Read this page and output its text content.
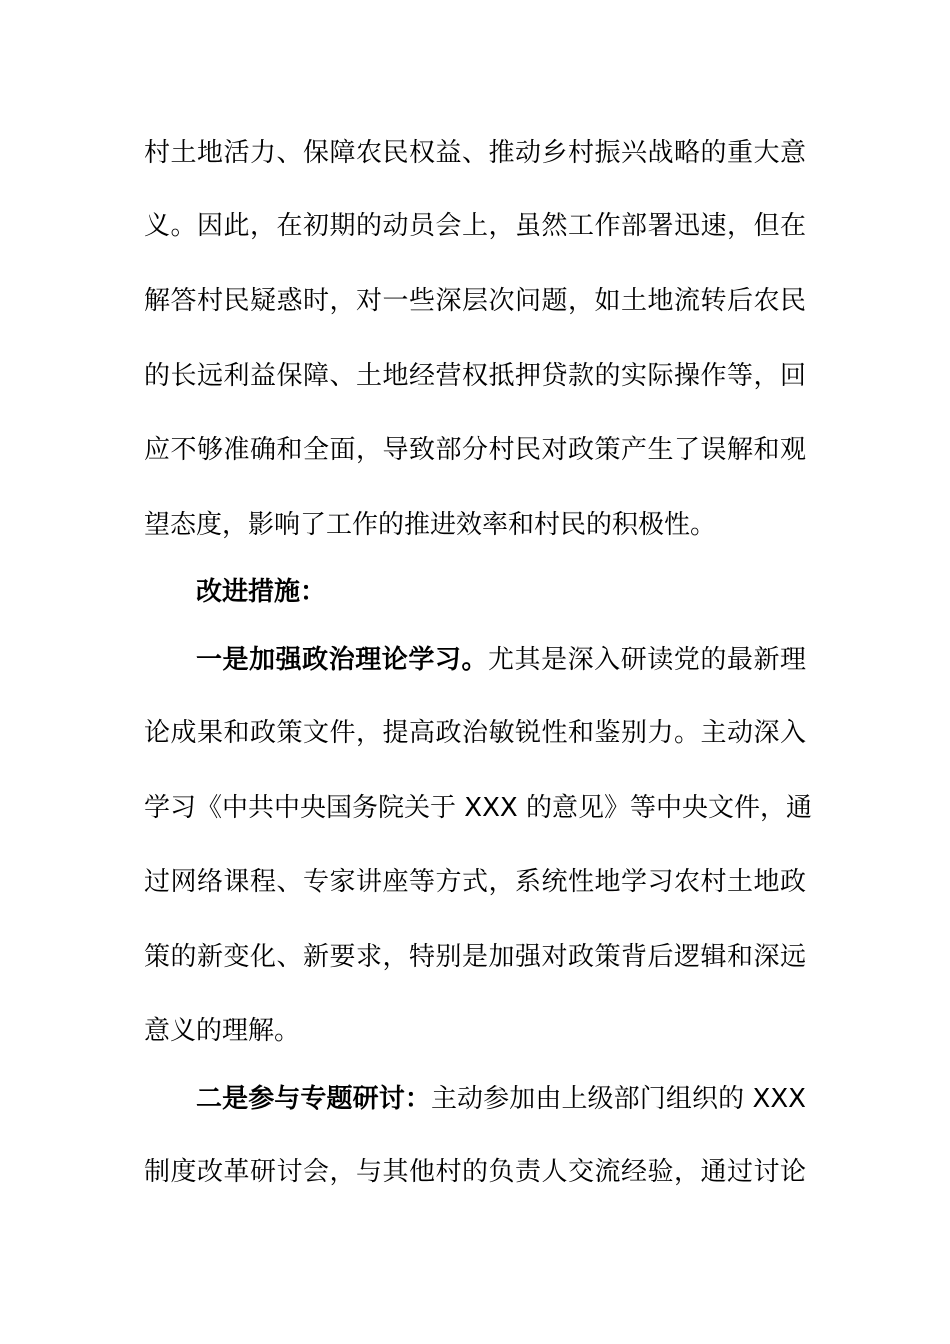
村土地活力、保障农民权益、推动乡村振兴战略的重大意
义。因此，在初期的动员会上，虽然工作部署迅速，但在
解答村民疑惑时，对一些深层次问题，如土地流转后农民
的长远利益保障、土地经营权抵押贷款的实际操作等，回
应不够准确和全面，导致部分村民对政策产生了误解和观
望态度，影响了工作的推进效率和村民的积极性。
改进措施：
一是加强政治理论学习。尤其是深入研读党的最新理
论成果和政策文件，提高政治敏锐性和鉴别力。主动深入
学习《中共中央国务院关于 XXX 的意见》等中央文件，通
过网络课程、专家讲座等方式，系统性地学习农村土地政
策的新变化、新要求，特别是加强对政策背后逻辑和深远
意义的理解。
二是参与专题研讨：主动参加由上级部门组织的 XXX
制度改革研讨会，与其他村的负责人交流经验，通过讨论
